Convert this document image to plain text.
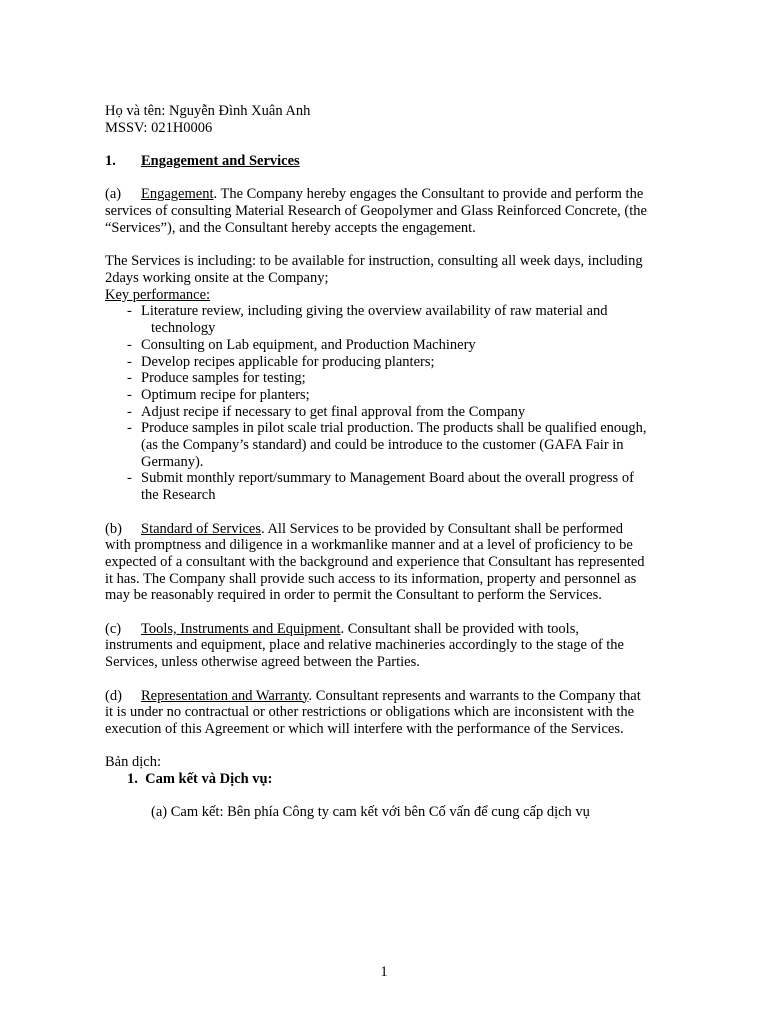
Họ và tên: Nguyễn Đình Xuân Anh
MSSV: 021H0006
1. Engagement and Services
(a) Engagement. The Company hereby engages the Consultant to provide and perform the
services of consulting Material Research of Geopolymer and Glass Reinforced Concrete, (the
“Services”), and the Consultant hereby accepts the engagement.
The Services is including: to be available for instruction, consulting all week days, including
2days working onsite at the Company;
Key performance:
- Literature review, including giving the overview availability of raw material and
technology
- Consulting on Lab equipment, and Production Machinery
- Develop recipes applicable for producing planters;
- Produce samples for testing;
- Optimum recipe for planters;
- Adjust recipe if necessary to get final approval from the Company
- Produce samples in pilot scale trial production. The products shall be qualified enough,
(as the Company’s standard) and could be introduce to the customer (GAFA Fair in
Germany).
- Submit monthly report/summary to Management Board about the overall progress of
the Research
(b) Standard of Services. All Services to be provided by Consultant shall be performed
with promptness and diligence in a workmanlike manner and at a level of proficiency to be
expected of a consultant with the background and experience that Consultant has represented
it has. The Company shall provide such access to its information, property and personnel as
may be reasonably required in order to permit the Consultant to perform the Services.
(c) Tools, Instruments and Equipment. Consultant shall be provided with tools,
instruments and equipment, place and relative machineries accordingly to the stage of the
Services, unless otherwise agreed between the Parties.
(d) Representation and Warranty. Consultant represents and warrants to the Company that
it is under no contractual or other restrictions or obligations which are inconsistent with the
execution of this Agreement or which will interfere with the performance of the Services.
Bản dịch:
1. Cam kết và Dịch vụ:
(a) Cam kết: Bên phía Công ty cam kết với bên Cố vấn để cung cấp dịch vụ
1
